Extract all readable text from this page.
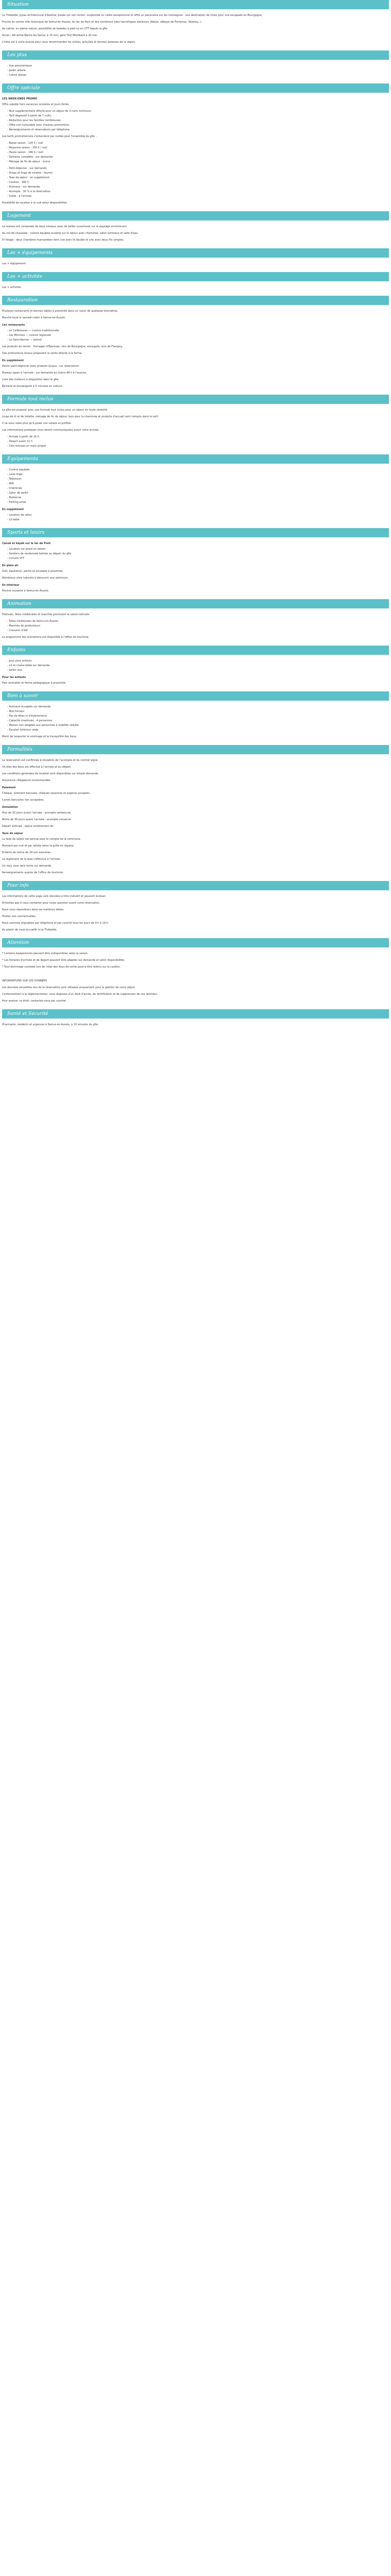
Situation

La Thébaïde, joyau architectural d'Aveline, posée sur son rocher, surplombe un cadre exceptionnel et offre un panorama sur les montagnes : une destination de choix pour une escapade en Bourgogne.

Proche du centre ville historique de Semur-en-Auxois, du lac de Pont et des nombreux sites touristiques alentours (Alésia, abbaye de Fontenay, Vézelay...).

Au calme, en pleine nature, possibilité de balades à pied ou en VTT depuis le gîte.

Accès : A6 sortie Bierre-lès-Semur à 15 min, gare TGV Montbard à 20 min.

L'hôte est à votre écoute pour vous recommander les visites, activités et bonnes adresses de la région.

Les plus
- Vue panoramique
- Jardin arboré
- Calme absolu
Offre spéciale
LES WEEK-ENDS PROMO

Offre valable hors vacances scolaires et jours fériés.

- Nuit supplémentaire offerte pour un séjour de 3 nuits minimum.
- Tarif dégressif à partir de 7 nuits.
- Réduction pour les familles nombreuses.
- Offre non cumulable avec d'autres promotions.
- Renseignements et réservations par téléphone.

Les tarifs promotionnels s'entendent par nuitée pour l'ensemble du gîte :

- Basse saison : 120 € / nuit
- Moyenne saison : 150 € / nuit
- Haute saison : 180 € / nuit
- Semaine complète : sur demande
- Ménage de fin de séjour : inclus
- Petit-déjeuner : sur demande
- Draps et linge de toilette : fournis
- Taxe de séjour : en supplément
- Caution : 300 €
- Animaux : sur demande
- Acompte : 30 % à la réservation
- Solde : à l'arrivée

Possibilité de location à la nuit selon disponibilités.

Logement

La maison est composée de deux niveaux avec de belles ouvertures sur le paysage environnant.

Au rez-de-chaussée : cuisine équipée ouverte sur le séjour avec cheminée, salon lumineux et salle d'eau.

À l'étage : deux chambres mansardées dont une avec lit double et une avec deux lits simples.

Les + équipements

Les + équipement

Les + activités

Les + activités

Restauration

Plusieurs restaurants et bonnes tables à proximité dans un rayon de quelques kilomètres.

Marché local le samedi matin à Semur-en-Auxois.

Les restaurants
- Le Calibressan — cuisine traditionnelle
- Les Minimes — cuisine régionale
- Le Saint-Vernier — bistrot

Les produits du terroir : fromages d'Époisses, vins de Bourgogne, escargots, anis de Flavigny.

Des producteurs locaux proposent la vente directe à la ferme.

En supplément

Panier petit-déjeuner avec produits locaux : sur réservation.

Plateau repas à l'arrivée : sur demande au moins 48 h à l'avance.

Liste des traiteurs à disposition dans le gîte.

Épicerie et boulangerie à 5 minutes en voiture.

Formule tout inclus

Le gîte est proposé avec une formule tout inclus pour un séjour en toute sérénité.

Linge de lit et de toilette, ménage de fin de séjour, bois pour la cheminée et produits d'accueil sont compris dans le tarif.

Il ne vous reste plus qu'à poser vos valises et profiter.

Les informations pratiques vous seront communiquées avant votre arrivée.

- Arrivée à partir de 16 h
- Départ avant 11 h
- Clés remises en main propre
Équipements
- Cuisine équipée
- Lave-linge
- Télévision
- Wifi
- Cheminée
- Salon de jardin
- Barbecue
- Parking privé
En supplément
- Location de vélos
- Lit bébé
Sports et loisirs
Canoë et kayak sur le lac de Pont
- Location sur place en saison
- Sentiers de randonnée balisés au départ du gîte
- Circuits VTT
En plein air

Golf, équitation, pêche et escalade à proximité.

Nombreux sites naturels à découvrir aux alentours.

En intérieur

Piscine couverte à Semur-en-Auxois.

Animation

Festivals, fêtes médiévales et marchés ponctuent la saison estivale.

- Fêtes médiévales de Semur-en-Auxois
- Marchés de producteurs
- Concerts d'été

Le programme des animations est disponible à l'office de tourisme.

Enfants
- Jeux pour enfants
- Lit et chaise bébé sur demande
- Jardin clos
Pour les enfants

Parc animalier et ferme pédagogique à proximité.

Bien à savoir
- Animaux acceptés sur demande
- Non-fumeur
- Pas de fêtes ni d'événements
- Capacité maximale : 4 personnes
- Maison non adaptée aux personnes à mobilité réduite
- Escalier intérieur raide

Merci de respecter le voisinage et la tranquillité des lieux.

Formalités

La réservation est confirmée à réception de l'acompte et du contrat signé.

Un état des lieux est effectué à l'arrivée et au départ.

Les conditions générales de location sont disponibles sur simple demande.

Assurance villégiature recommandée.

Paiement

Chèque, virement bancaire, chèques vacances et espèces acceptés.

Cartes bancaires non acceptées.

Annulation

Plus de 30 jours avant l'arrivée : acompte remboursé.

Moins de 30 jours avant l'arrivée : acompte conservé.

Départ anticipé : séjour entièrement dû.

Taxe de séjour

La taxe de séjour est perçue pour le compte de la commune.

Montant par nuit et par adulte selon la grille en vigueur.

Enfants de moins de 18 ans exonérés.

Le règlement de la taxe s'effectue à l'arrivée.

Un reçu vous sera remis sur demande.

Renseignements auprès de l'office de tourisme.

Pour info

Les informations de cette page sont données à titre indicatif et peuvent évoluer.

N'hésitez pas à nous contacter pour toute question avant votre réservation.

Nous vous répondrons dans les meilleurs délais.

Photos non contractuelles.

Nous sommes joignables par téléphone et par courriel tous les jours de 9 h à 19 h.

Au plaisir de vous accueillir à La Thébaïde.

Attention

* Certains équipements peuvent être indisponibles selon la saison.

* Les horaires d'arrivée et de départ peuvent être adaptés sur demande et selon disponibilités.

* Tout dommage constaté lors de l'état des lieux de sortie pourra être retenu sur la caution.

INFORMATIONS SUR LES DONNÉES

Les données recueillies lors de la réservation sont utilisées uniquement pour la gestion de votre séjour.

Conformément à la réglementation, vous disposez d'un droit d'accès, de rectification et de suppression de vos données.

Pour exercer ce droit, contactez-nous par courriel.

Santé et Sécurité

Pharmacie, médecin et urgences à Semur-en-Auxois, à 10 minutes du gîte.
